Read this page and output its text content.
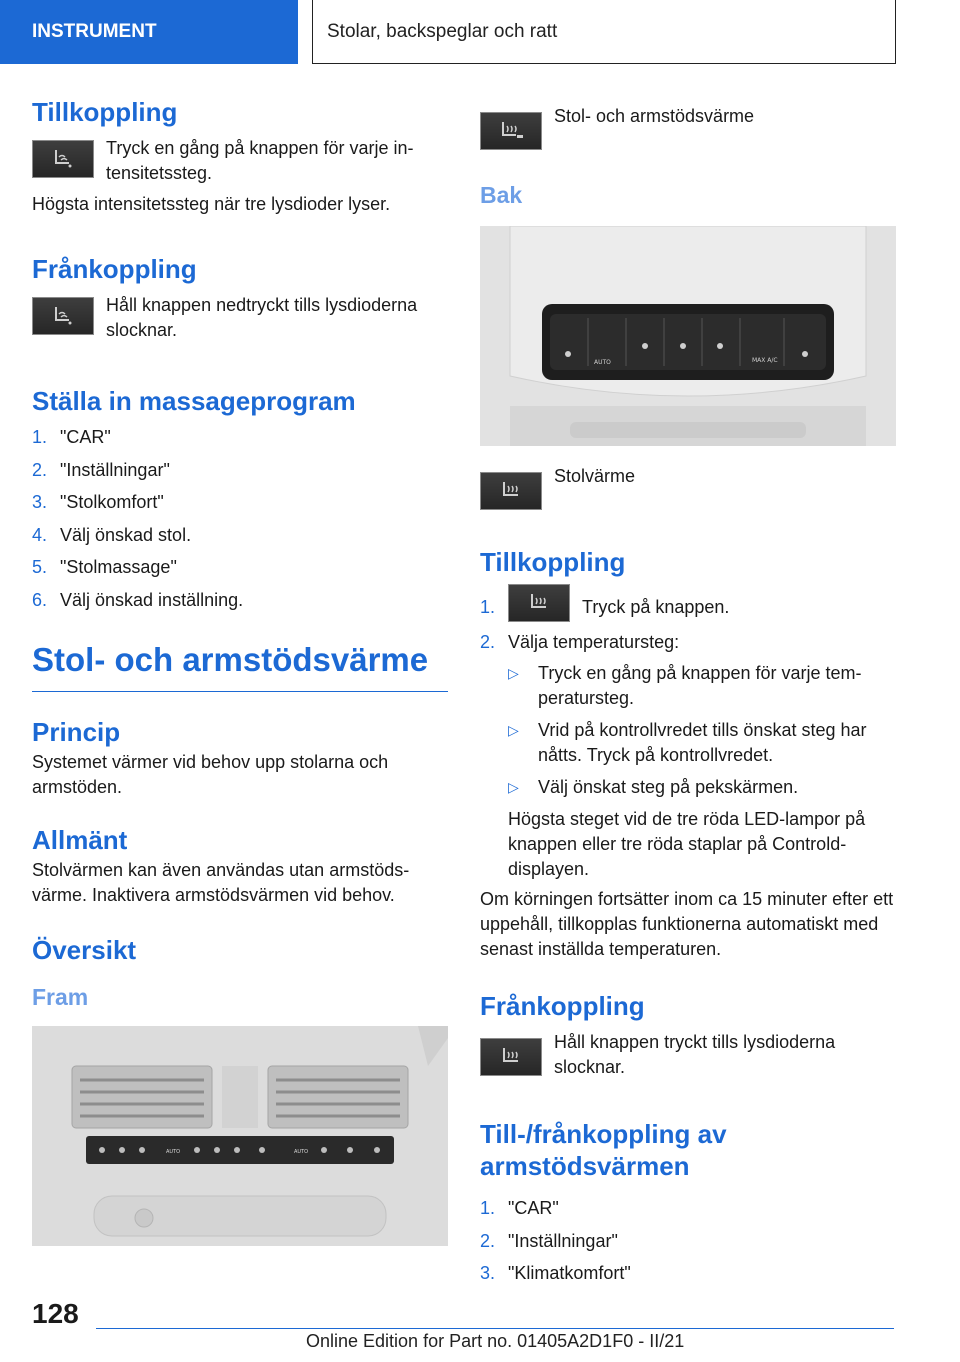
INSTRUMENT	Stolar, backspeglar och ratt
Tillkoppling

Tryck en gång på knappen för varje intensitetssteg.

Högsta intensitetssteg när tre lysdioder lyser.

Frånkoppling

Håll knappen nedtryckt tills lysdioderna slocknar.

Ställa in massageprogram
1. "CAR"
2. "Inställningar"
3. "Stolkomfort"
4. Välj önskad stol.
5. "Stolmassage"
6. Välj önskad inställning.
Stol- och armstödsvärme
Princip

Systemet värmer vid behov upp stolarna och armstöden.

Allmänt

Stolvärmen kan även användas utan armstödsvärme. Inaktivera armstödsvärmen vid behov.

Översikt
Fram
AUTO	AUTO

Stol- och armstödsvärme

Bak
AUTO	MAX A/C

Stolvärme

Tillkoppling
1.	Tryck på knappen.
2. Välja temperatursteg:
▷	Tryck en gång på knappen för varje temperatursteg.
▷	Vrid på kontrollvredet tills önskat steg har nåtts. Tryck på kontrollvredet.
▷	Välj önskat steg på pekskärmen.

Högsta steget vid de tre röda LED-lampor på knappen eller tre röda staplar på Controlddisplayen.

Om körningen fortsätter inom ca 15 minuter efter ett uppehåll, tillkopplas funktionerna automatiskt med senast inställda temperaturen.

Frånkoppling

Håll knappen tryckt tills lysdioderna slocknar.

Till-/frånkoppling av armstödsvärmen
1. "CAR"
2. "Inställningar"
3. "Klimatkomfort"
128
Online Edition for Part no. 01405A2D1F0 - II/21
